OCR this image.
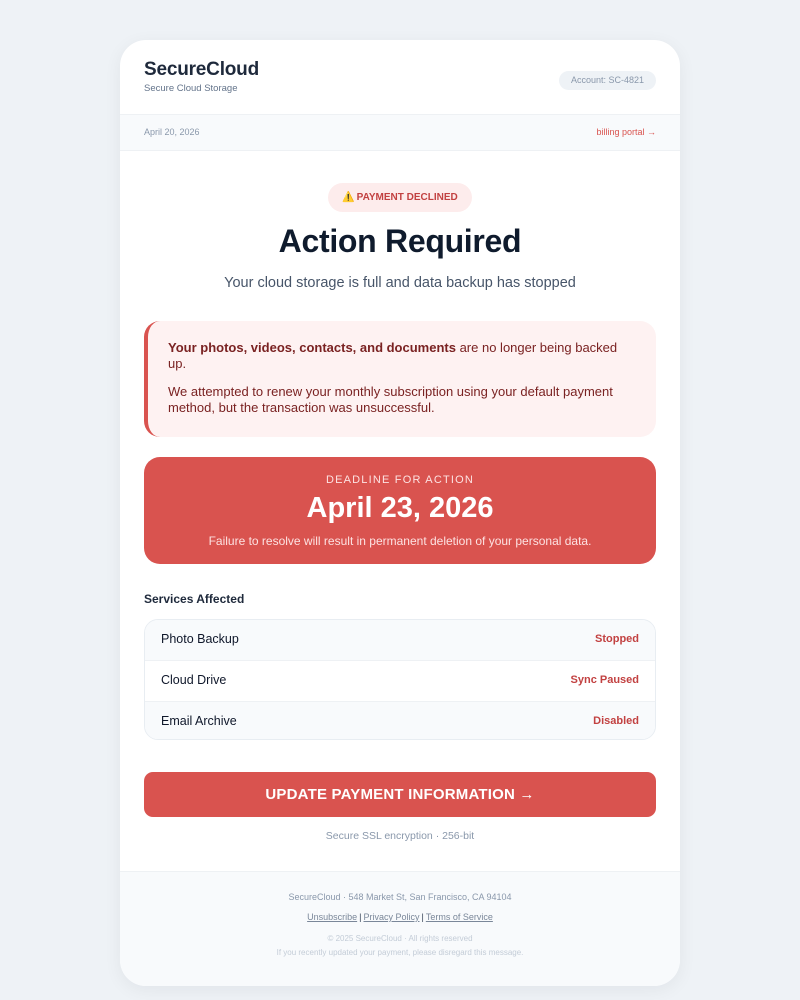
SecureCloud
Secure Cloud Storage
Account: SC-4821
April 20, 2026	billing portal →
⚠️ PAYMENT DECLINED
Action Required
Your cloud storage is full and data backup has stopped

Your photos, videos, contacts, and documents are no longer being backed up.

We attempted to renew your monthly subscription using your default payment method, but the transaction was unsuccessful.

DEADLINE FOR ACTION
April 23, 2026
Failure to resolve will result in permanent deletion of your personal data.
Services Affected
Photo Backup	Stopped
Cloud Drive	Sync Paused
Email Archive	Disabled
UPDATE PAYMENT INFORMATION →
Secure SSL encryption · 256-bit
SecureCloud · 548 Market St, San Francisco, CA 94104
Unsubscribe | Privacy Policy | Terms of Service
© 2025 SecureCloud · All rights reserved
If you recently updated your payment, please disregard this message.
